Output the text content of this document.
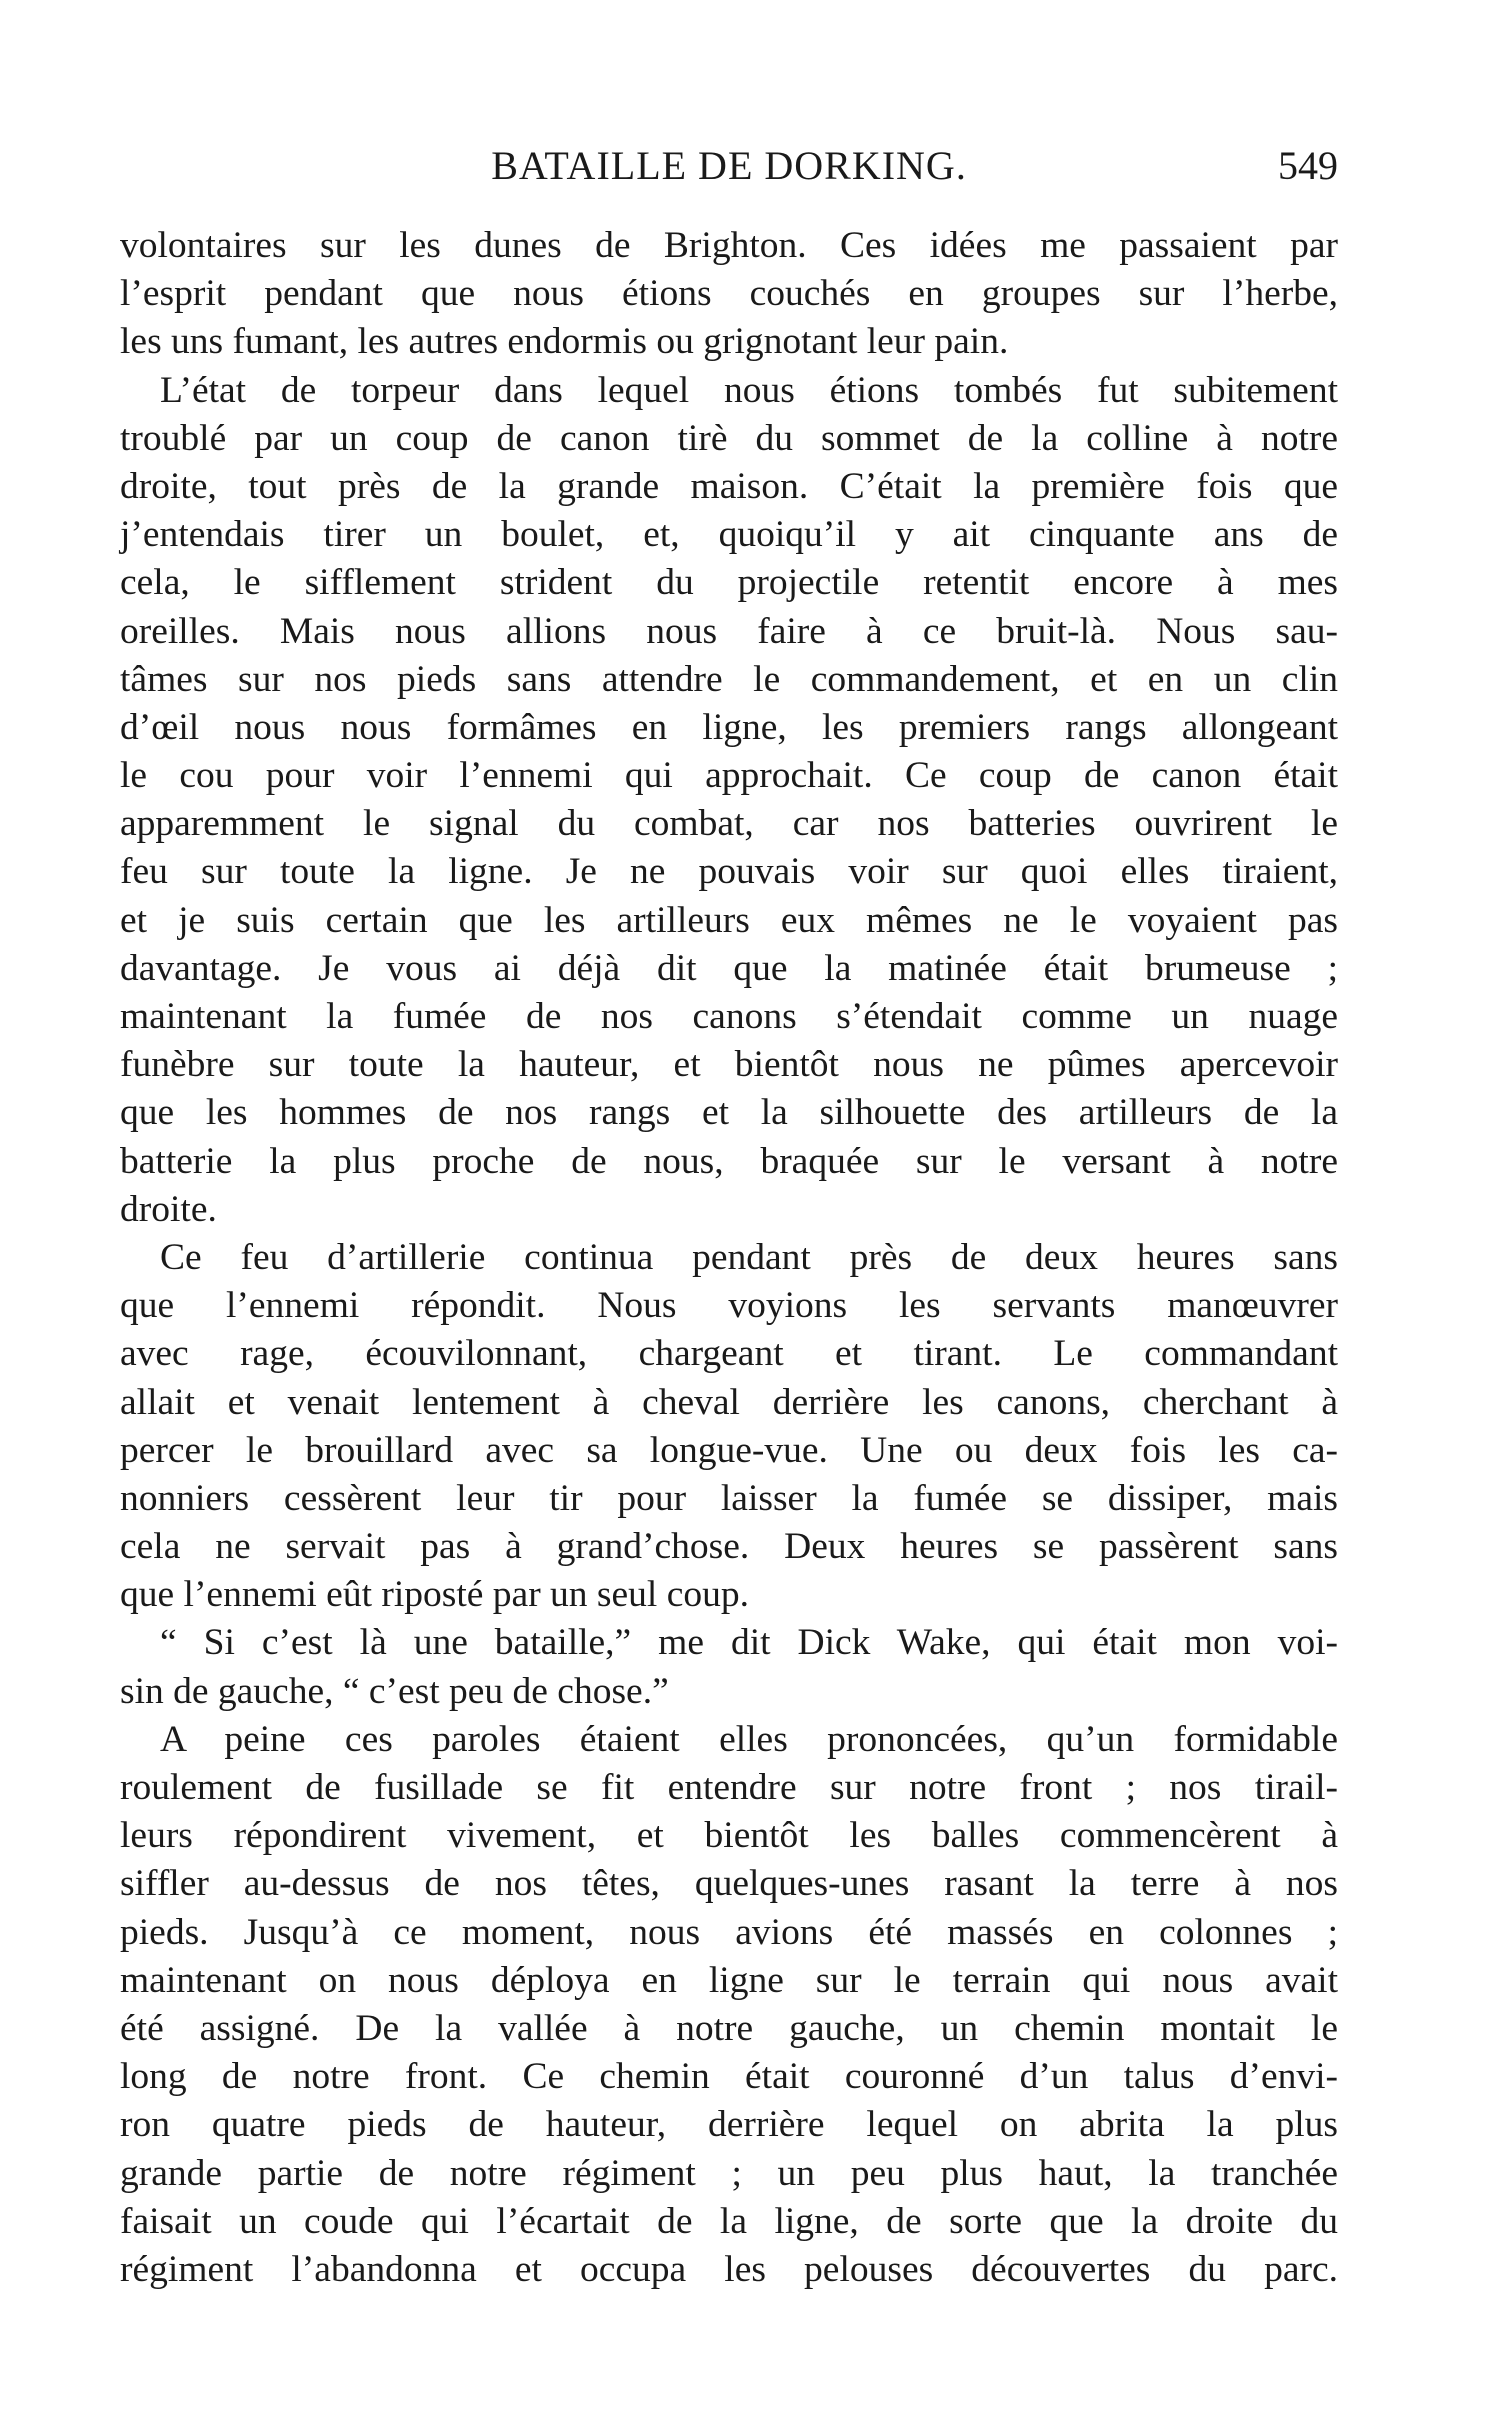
BATAILLE DE DORKING.	549
volontaires sur les dunes de Brighton. Ces idées me passaient par
l’esprit pendant que nous étions couchés en groupes sur l’herbe,
les uns fumant, les autres endormis ou grignotant leur pain.
L’état de torpeur dans lequel nous étions tombés fut subitement
troublé par un coup de canon tirè du sommet de la colline à notre
droite, tout près de la grande maison. C’était la première fois que
j’entendais tirer un boulet, et, quoiqu’il y ait cinquante ans de
cela, le sifflement strident du projectile retentit encore à mes
oreilles. Mais nous allions nous faire à ce bruit-là. Nous sau-
tâmes sur nos pieds sans attendre le commandement, et en un clin
d’œil nous nous formâmes en ligne, les premiers rangs allongeant
le cou pour voir l’ennemi qui approchait. Ce coup de canon était
apparemment le signal du combat, car nos batteries ouvrirent le
feu sur toute la ligne. Je ne pouvais voir sur quoi elles tiraient,
et je suis certain que les artilleurs eux mêmes ne le voyaient pas
davantage. Je vous ai déjà dit que la matinée était brumeuse ;
maintenant la fumée de nos canons s’étendait comme un nuage
funèbre sur toute la hauteur, et bientôt nous ne pûmes apercevoir
que les hommes de nos rangs et la silhouette des artilleurs de la
batterie la plus proche de nous, braquée sur le versant à notre
droite.
Ce feu d’artillerie continua pendant près de deux heures sans
que l’ennemi répondit. Nous voyions les servants manœuvrer
avec rage, écouvilonnant, chargeant et tirant. Le commandant
allait et venait lentement à cheval derrière les canons, cherchant à
percer le brouillard avec sa longue-vue. Une ou deux fois les ca-
nonniers cessèrent leur tir pour laisser la fumée se dissiper, mais
cela ne servait pas à grand’chose. Deux heures se passèrent sans
que l’ennemi eût riposté par un seul coup.
“ Si c’est là une bataille,” me dit Dick Wake, qui était mon voi-
sin de gauche, “ c’est peu de chose.”
A peine ces paroles étaient elles prononcées, qu’un formidable
roulement de fusillade se fit entendre sur notre front ; nos tirail-
leurs répondirent vivement, et bientôt les balles commencèrent à
siffler au-dessus de nos têtes, quelques-unes rasant la terre à nos
pieds. Jusqu’à ce moment, nous avions été massés en colonnes ;
maintenant on nous déploya en ligne sur le terrain qui nous avait
été assigné. De la vallée à notre gauche, un chemin montait le
long de notre front. Ce chemin était couronné d’un talus d’envi-
ron quatre pieds de hauteur, derrière lequel on abrita la plus
grande partie de notre régiment ; un peu plus haut, la tranchée
faisait un coude qui l’écartait de la ligne, de sorte que la droite du
régiment l’abandonna et occupa les pelouses découvertes du parc.
